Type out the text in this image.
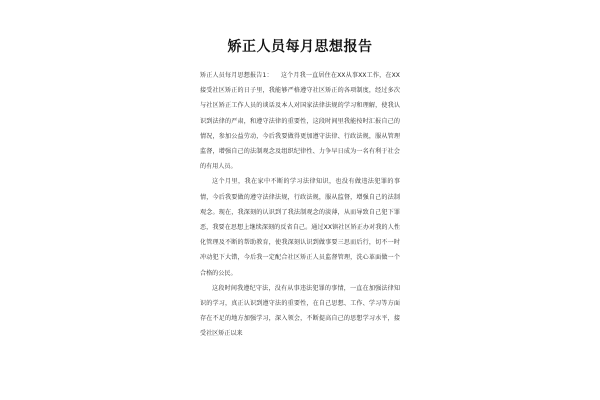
矫正人员每月思想报告

矫正人员每月思想报告1： 这个月我一直居住在XX从事XX工作，在XX接受社区矫正的日子里，我能够严格遵守社区矫正的各项制度，经过多次与社区矫正工作人员的谈话及本人对国家法律法规的学习和理解，使我认识到法律的严肃，和遵守法律的重要性，这段时间里我能按时汇报自己的情况，参加公益劳动，今后我要做得更加遵守法律、行政法规，服从管理监督，增强自己的法制观念及组织纪律性、力争早日成为一名有利于社会的有用人员。

这个月里，我在家中不断的学习法律知识，也没有做违法犯罪的事情，今后我要做的遵守法律法规，行政法规，服从监督，增强自己的法制观念。现在，我深刻的认识到了我法制观念的淡薄，从而导致自己犯下罪恶，我要在思想上继续深刻的反省自己。通过XX镇社区矫正办对我的人性化管理及不断的帮助教育，使我深刻认识到做事要三思而后行，切不一时冲动犯下大错，今后我一定配合社区矫正人员监督管理，洗心革面做一个合格的公民。

这段时间我遵纪守法，没有从事违法犯罪的事情，一直在加强法律知识的学习，真正认识到遵守法的重要性，在自己思想、工作、学习等方面存在不足的地方加强学习，深入领会，不断提高自己的思想学习水平，接受社区矫正以来
